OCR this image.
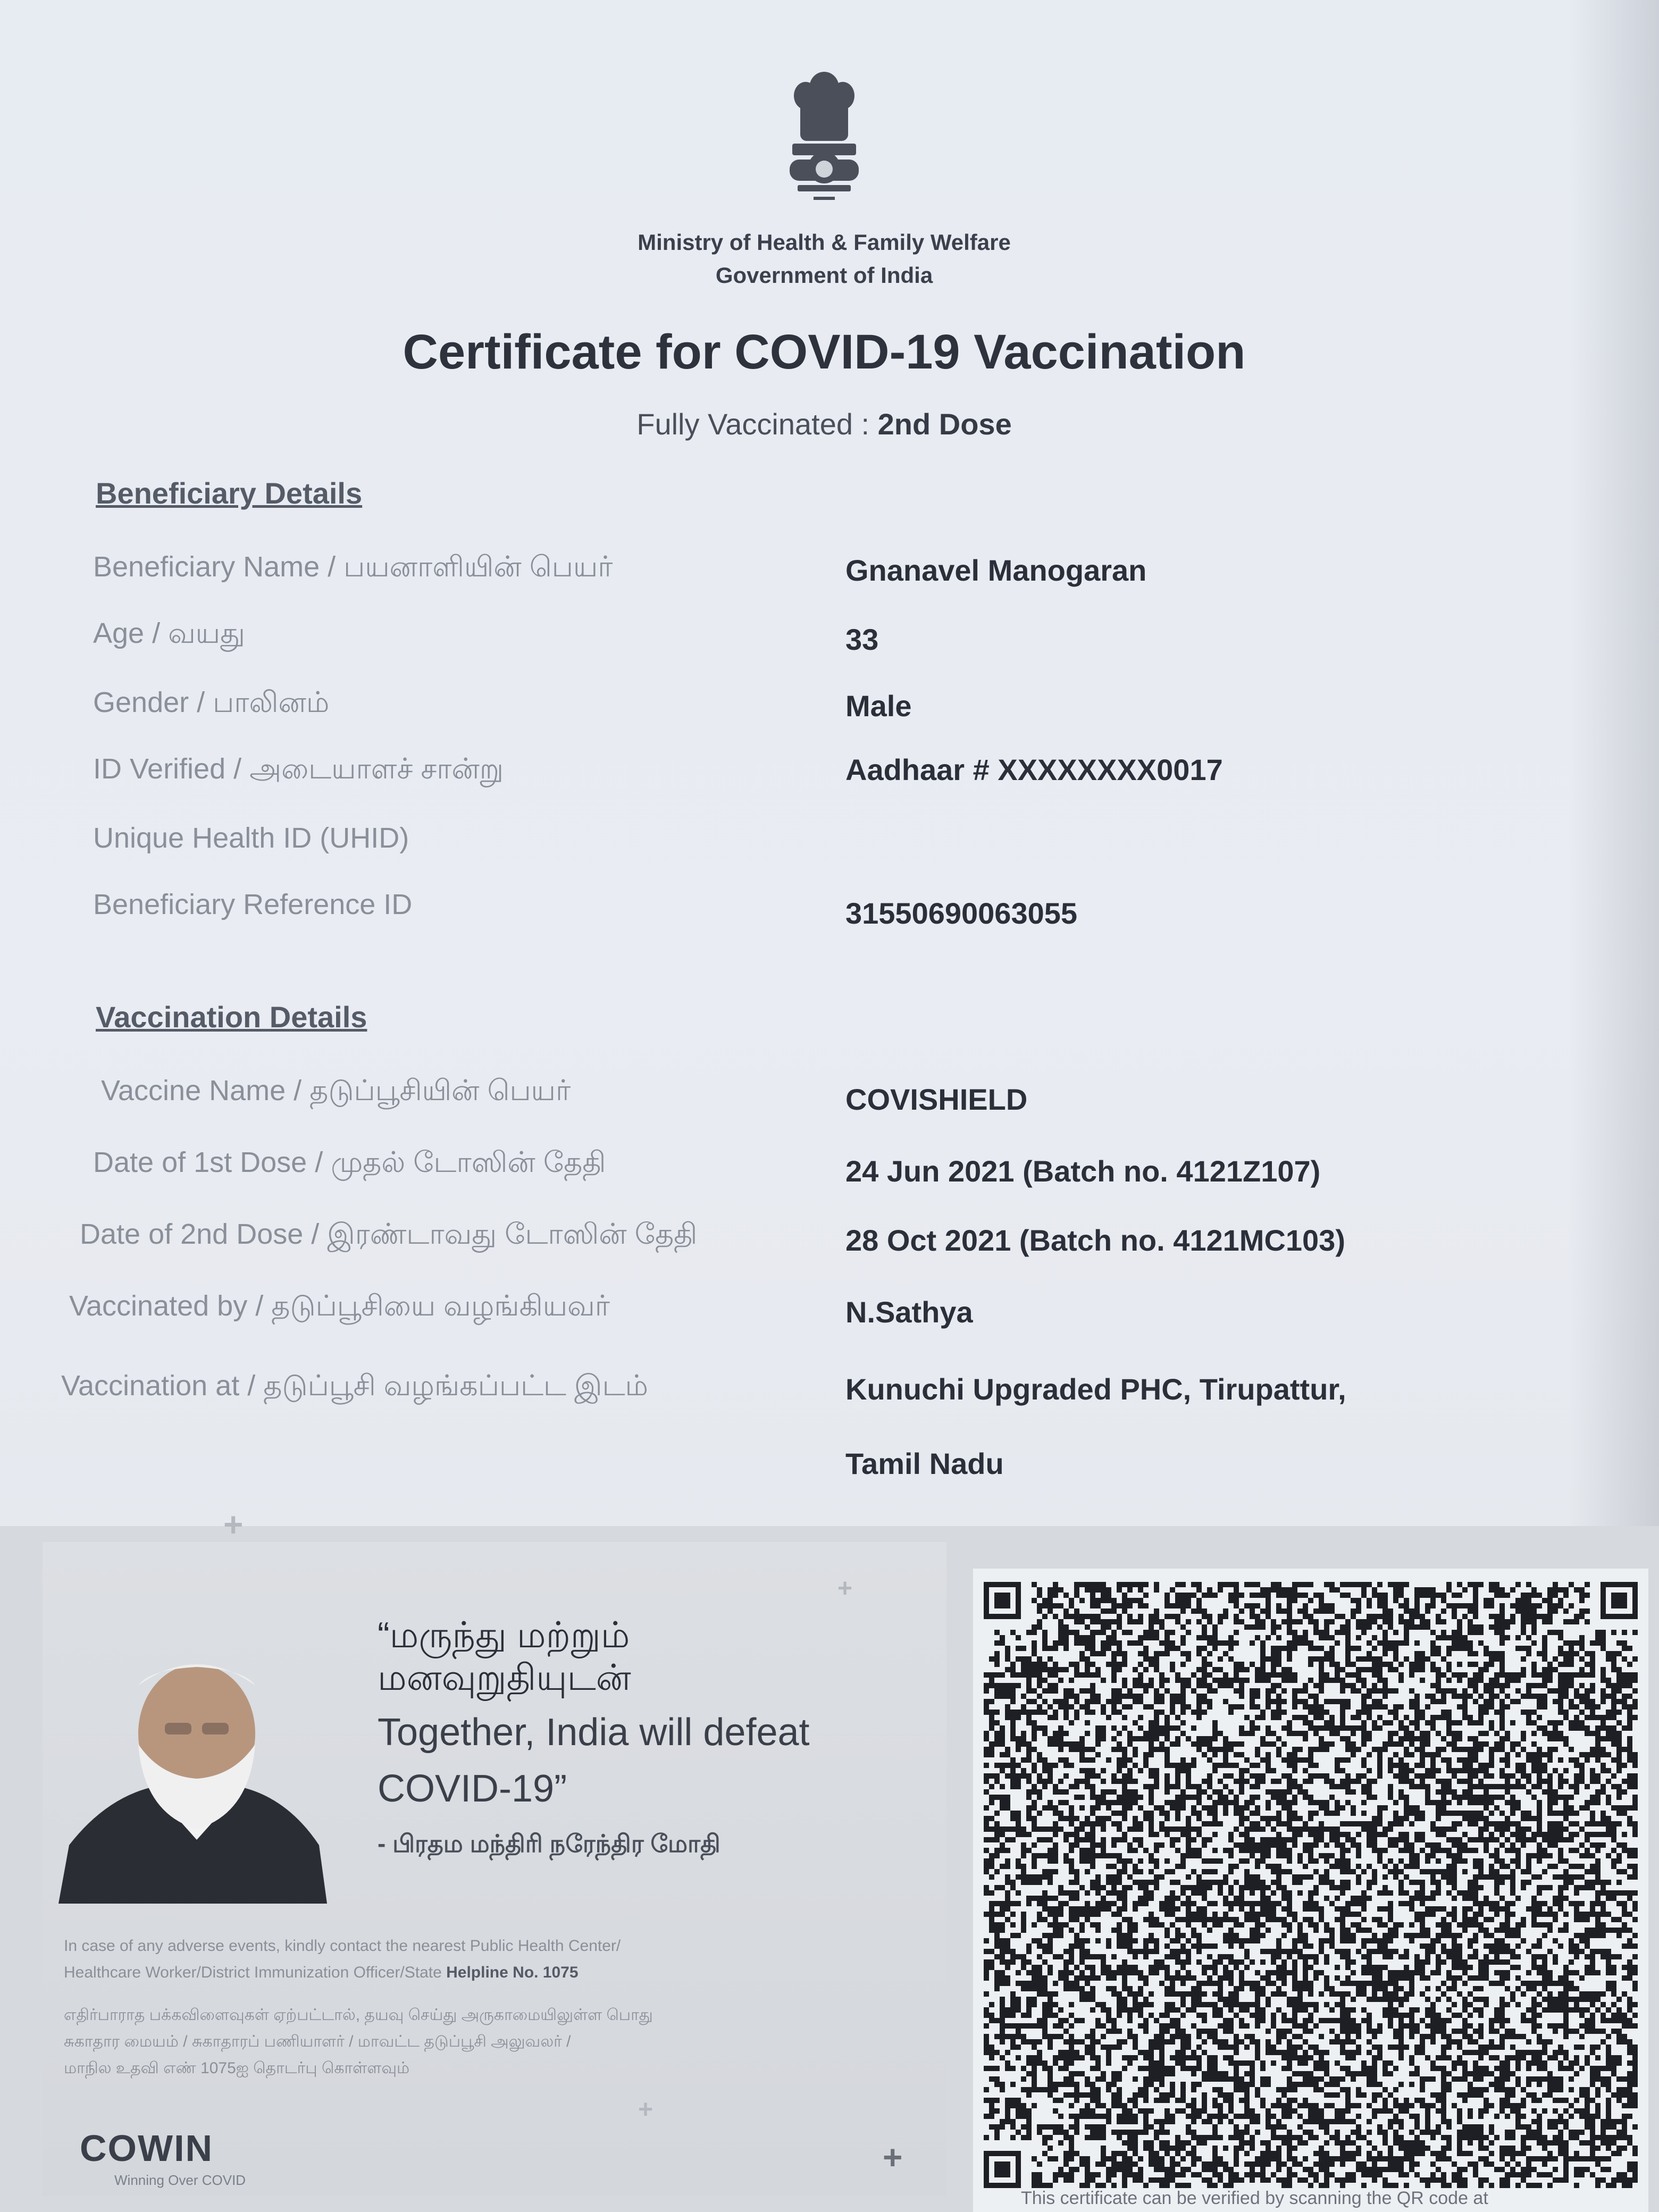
Ministry of Health & Family Welfare
Government of India
Certificate for COVID-19 Vaccination
Fully Vaccinated : 2nd Dose
Beneficiary Details
Beneficiary Name / பயனாளியின் பெயர்	Gnanavel Manogaran
Age / வயது	33
Gender / பாலினம்	Male
ID Verified / அடையாளச் சான்று	Aadhaar # XXXXXXXX0017
Unique Health ID (UHID)
Beneficiary Reference ID	31550690063055
Vaccination Details
Vaccine Name / தடுப்பூசியின் பெயர்	COVISHIELD
Date of 1st Dose / முதல் டோஸின் தேதி	24 Jun 2021 (Batch no. 4121Z107)
Date of 2nd Dose / இரண்டாவது டோஸின் தேதி	28 Oct 2021 (Batch no. 4121MC103)
Vaccinated by / தடுப்பூசியை வழங்கியவர்	N.Sathya
Vaccination at / தடுப்பூசி வழங்கப்பட்ட இடம்	Kunuchi Upgraded PHC, Tirupattur,
Tamil Nadu
+
+
+
+
“மருந்து மற்றும்
மனவுறுதியுடன்
Together, India will defeat
COVID-19”
- பிரதம மந்திரி நரேந்திர மோதி
In case of any adverse events, kindly contact the nearest Public Health Center/
Healthcare Worker/District Immunization Officer/State Helpline No. 1075
எதிர்பாராத பக்கவிளைவுகள் ஏற்பட்டால், தயவு செய்து அருகாமையிலுள்ள பொது
சுகாதார மையம் / சுகாதாரப் பணியாளர் / மாவட்ட தடுப்பூசி அலுவலர் /
மாநில உதவி எண் 1075ஐ தொடர்பு கொள்ளவும்
COWIN
Winning Over COVID
This certificate can be verified by scanning the QR code at
